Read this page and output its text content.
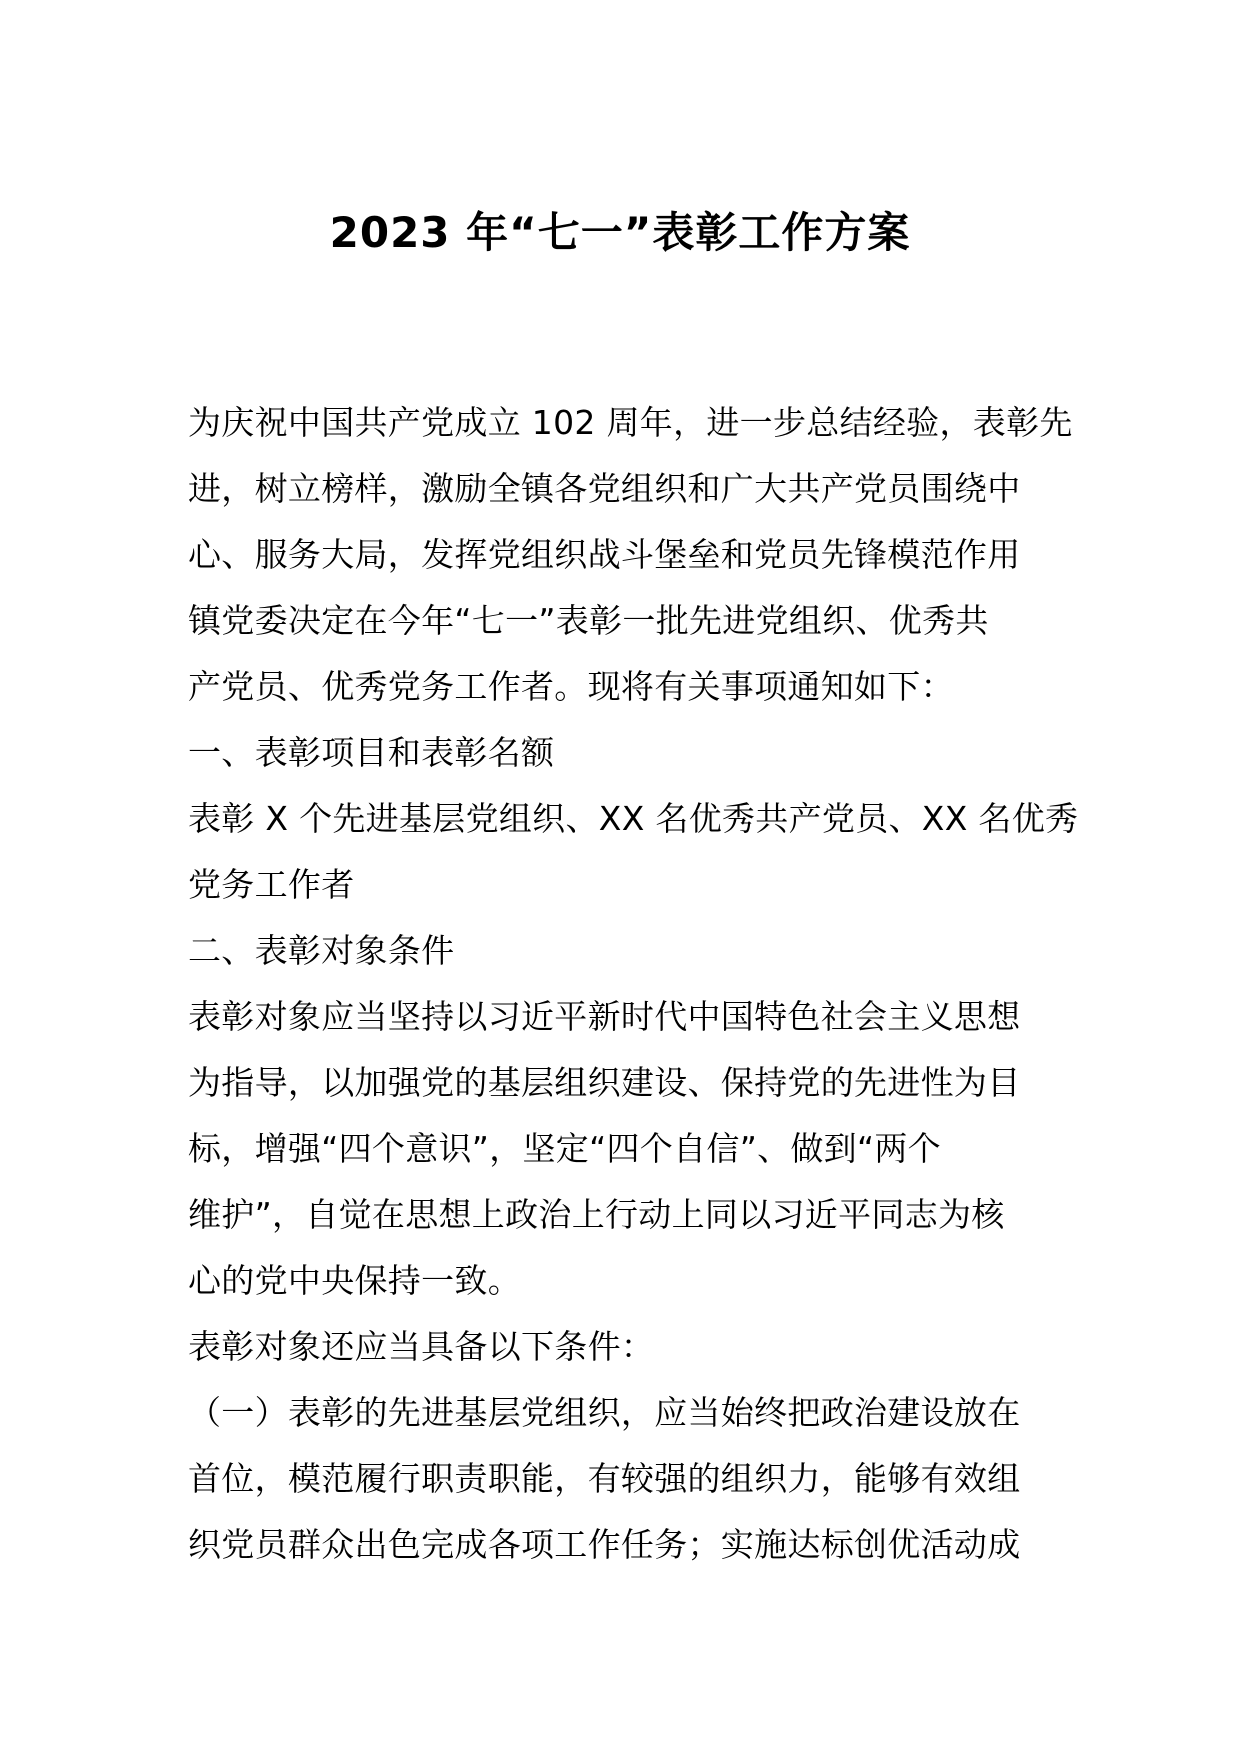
2023 年“七一”表彰工作方案
为庆祝中国共产党成立 102 周年，进一步总结经验，表彰先
进，树立榜样，激励全镇各党组织和广大共产党员围绕中
心、服务大局，发挥党组织战斗堡垒和党员先锋模范作用
镇党委决定在今年“七一”表彰一批先进党组织、优秀共
产党员、优秀党务工作者。现将有关事项通知如下：
一、表彰项目和表彰名额
表彰 X 个先进基层党组织、XX 名优秀共产党员、XX 名优秀
党务工作者
二、表彰对象条件
表彰对象应当坚持以习近平新时代中国特色社会主义思想
为指导，以加强党的基层组织建设、保持党的先进性为目
标，增强“四个意识”，坚定“四个自信”、做到“两个
维护”，自觉在思想上政治上行动上同以习近平同志为核
心的党中央保持一致。
表彰对象还应当具备以下条件：
（一）表彰的先进基层党组织，应当始终把政治建设放在
首位，模范履行职责职能，有较强的组织力，能够有效组
织党员群众出色完成各项工作任务；实施达标创优活动成
